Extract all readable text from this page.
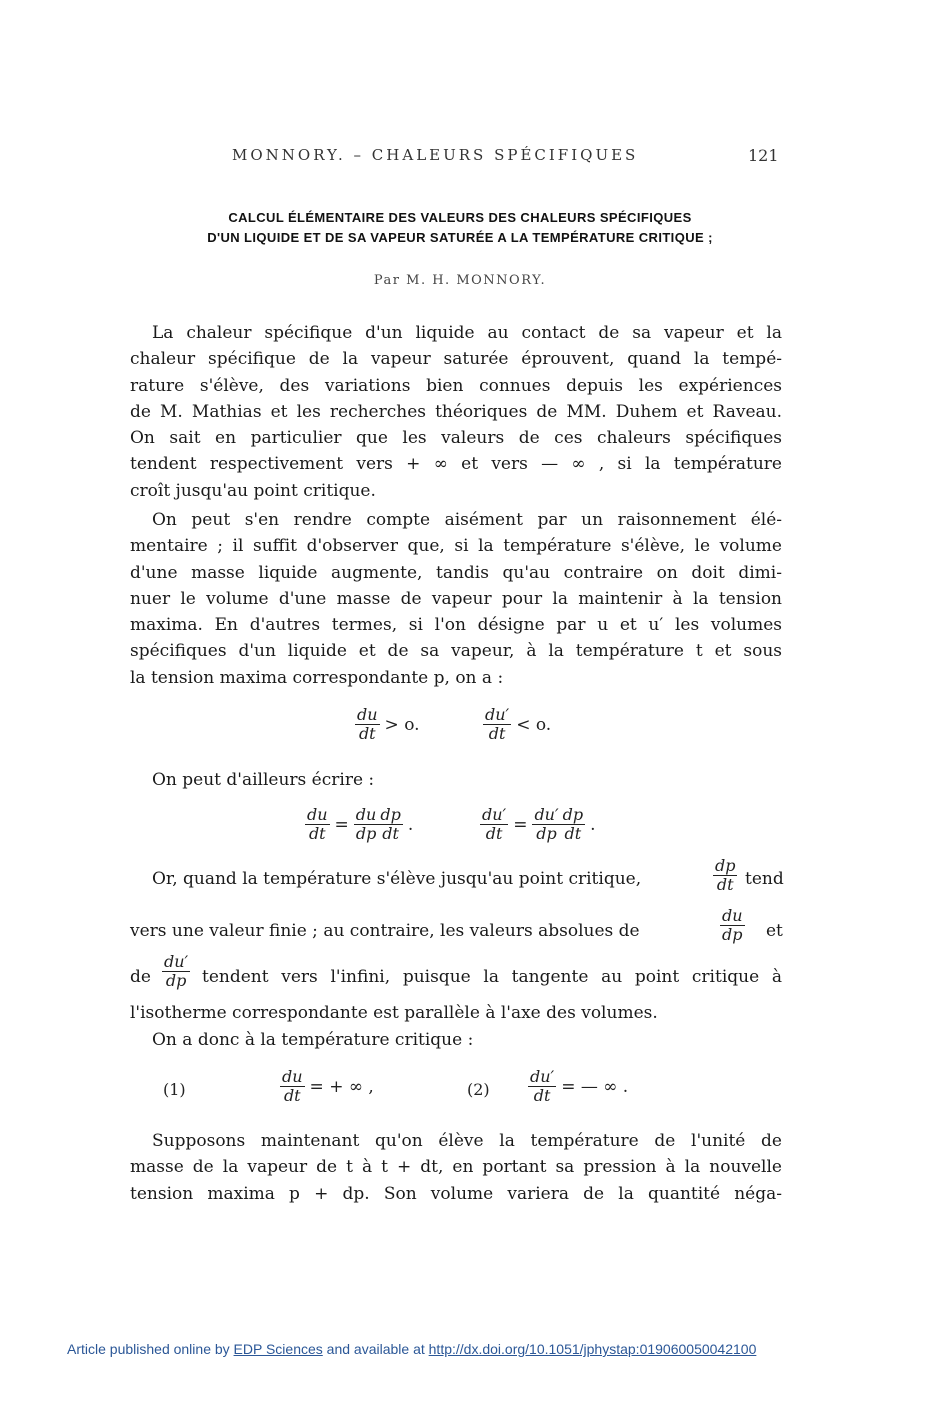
MONNORY. – CHALEURS SPÉCIFIQUES	121
CALCUL ÉLÉMENTAIRE DES VALEURS DES CHALEURS SPÉCIFIQUES
D'UN LIQUIDE ET DE SA VAPEUR SATURÉE A LA TEMPÉRATURE CRITIQUE ;
Par M. H. MONNORY.
La chaleur spécifique d'un liquide au contact de sa vapeur et la
chaleur spécifique de la vapeur saturée éprouvent, quand la tempé-
rature s'élève, des variations bien connues depuis les expériences
de M. Mathias et les recherches théoriques de MM. Duhem et Raveau.
On sait en particulier que les valeurs de ces chaleurs spécifiques
tendent respectivement vers + ∞ et vers — ∞ , si la température
croît jusqu'au point critique.
On peut s'en rendre compte aisément par un raisonnement élé-
mentaire ; il suffit d'observer que, si la température s'élève, le volume
d'une masse liquide augmente, tandis qu'au contraire on doit dimi-
nuer le volume d'une masse de vapeur pour la maintenir à la tension
maxima. En d'autres termes, si l'on désigne par u et u′ les volumes
spécifiques d'un liquide et de sa vapeur, à la température t et sous
la tension maxima correspondante p, on a :
$\frac{du}{dt} > o$.	$\frac{du'}{dt} < o$.
On peut d'ailleurs écrire :
$\frac{du}{dt} = \frac{du}{dp} \frac{dp}{dt}$ .	$\frac{du'}{dt} = \frac{du'}{dp} \frac{dp}{dt}$ .
Or, quand la température s'élève jusqu'au point critique,	$\frac{dp}{dt}$ tend
vers une valeur finie ; au contraire, les valeurs absolues de	$\frac{du}{dp}$ et
de $\frac{du'}{dp}$ tendent vers l'infini, puisque la tangente au point critique à
l'isotherme correspondante est parallèle à l'axe des volumes.
On a donc à la température critique :
(1)	$\frac{du}{dt}$ = + ∞ ,	$(2) \frac{du'}{dt}$ = — ∞ .
Supposons maintenant qu'on élève la température de l'unité de
masse de la vapeur de t à t + dt, en portant sa pression à la nouvelle
tension maxima p + dp. Son volume variera de la quantité néga-
Article published online by EDP Sciences and available at http://dx.doi.org/10.1051/jphystap:019060050042100
